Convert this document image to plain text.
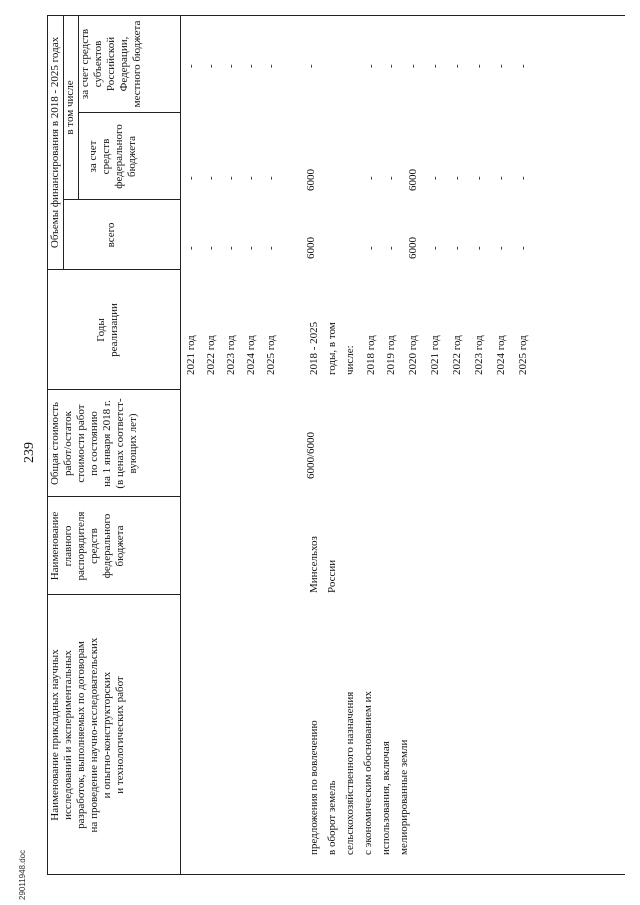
239
Наименование прикладных научных исследований и экспериментальных разработок, выполняемых по договорам на проведение научно-исследовательских и опытно-конструкторских и технологических работ
Наименование главного распорядителя средств федерального бюджета
Общая стоимость работ/остаток стоимости работ по состоянию на 1 января 2018 г. (в ценах соответст- вующих лет)
Годы реализации
Объемы финансирования в 2018 - 2025 годах	всего
в том числе
за счет средств федерального бюджета
за счет средств субъектов Российской Федерации, местного бюджета
2021 год
-
-
-
2022 год
-
-
-
2023 год
-
-
-
2024 год
-
-
-
2025 год
-
-
-
предложения по вовлечению в оборот земель сельскохозяйственного назначения с экономическим обоснованием их использования, включая мелиорированные земли
Минсельхоз России
6000/6000
2018 - 2025 годы, в том числе:
6000
6000
-
2018 год
-
-
-
2019 год
-
-
-
2020 год
6000
6000
-
2021 год
-
-
-
2022 год
-
-
-
2023 год
-
-
-
2024 год
-
-
-
2025 год
-
-
-
29011948.doc
